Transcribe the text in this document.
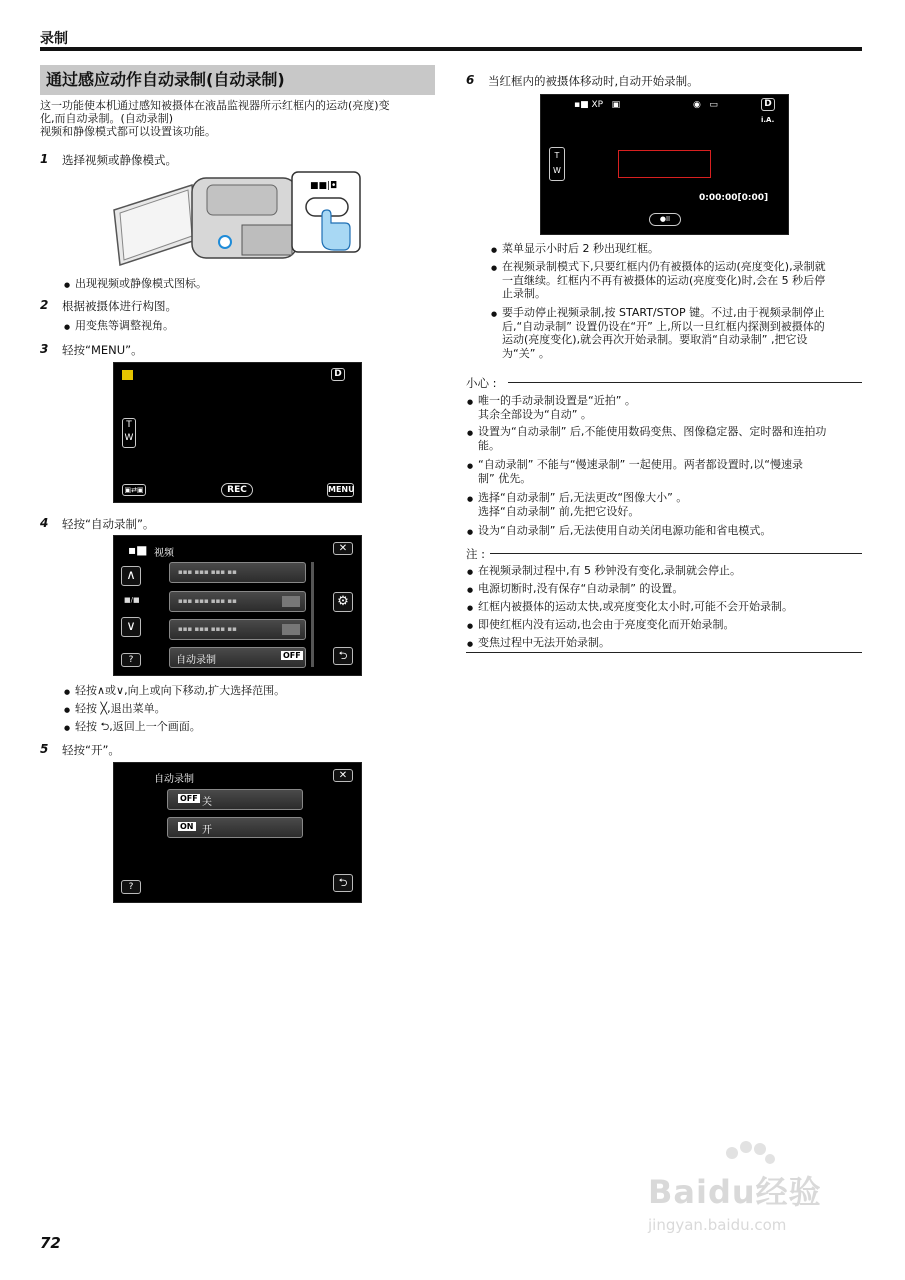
录制
通过感应动作自动录制(自动录制)
这一功能使本机通过感知被摄体在液晶监视器所示红框内的运动(亮度)变
化,而自动录制。(自动录制)
视频和静像模式都可以设置该功能。
1 选择视频或静像模式。
■■|◘
● 出现视频或静像模式图标。
2 根据被摄体进行构图。
● 用变焦等调整视角。
3 轻按“MENU”。
D
T
W
▣⇄▣	REC	MENU
4 轻按“自动录制”。
▪■ 视频	✕
∧
■/■
∨
?
▪▪▪ ▪▪▪ ▪▪▪ ▪▪
▪▪▪ ▪▪▪ ▪▪▪ ▪▪
▪▪▪ ▪▪▪ ▪▪▪ ▪▪
自动录制	OFF
⚙
⮌
● 轻按∧或∨,向上或向下移动,扩大选择范围。
● 轻按 ╳,退出菜单。
● 轻按 ⮌,返回上一个画面。
5 轻按“开”。
自动录制	✕
OFF 关
ON 开
?	⮌
6 当红框内的被摄体移动时,自动开始录制。
▪■ XP   ▣	◉   ▭	D
i.A.
T
W
0:00:00[0:00]
●II
● 菜单显示小时后 2 秒出现红框。
● 在视频录制模式下,只要红框内仍有被摄体的运动(亮度变化),录制就
一直继续。红框内不再有被摄体的运动(亮度变化)时,会在 5 秒后停
止录制。
● 要手动停止视频录制,按 START/STOP 键。不过,由于视频录制停止
后,“自动录制” 设置仍设在“开” 上,所以一旦红框内探测到被摄体的
运动(亮度变化),就会再次开始录制。要取消“自动录制” ,把它设
为“关” 。
小心 :
● 唯一的手动录制设置是“近拍” 。
其余全部设为“自动” 。
● 设置为“自动录制” 后,不能使用数码变焦、图像稳定器、定时器和连拍功
能。
● “自动录制” 不能与“慢速录制” 一起使用。两者都设置时,以“慢速录
制” 优先。
● 选择“自动录制” 后,无法更改“图像大小” 。
选择“自动录制” 前,先把它设好。
● 设为“自动录制” 后,无法使用自动关闭电源功能和省电模式。
注 :
● 在视频录制过程中,有 5 秒钟没有变化,录制就会停止。
● 电源切断时,没有保存“自动录制” 的设置。
● 红框内被摄体的运动太快,或亮度变化太小时,可能不会开始录制。
● 即使红框内没有运动,也会由于亮度变化而开始录制。
● 变焦过程中无法开始录制。
Baidu经验
jingyan.baidu.com
72
